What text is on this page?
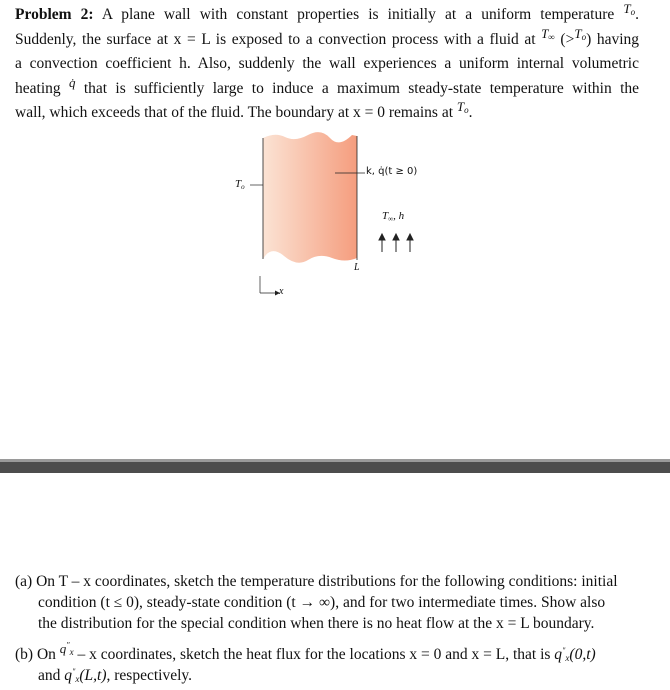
Problem 2: A plane wall with constant properties is initially at a uniform temperature $^{T_o}$.
Suddenly, the surface at x = L is exposed to a convection process with a fluid at $^{T_\infty}$ (>$^{T_o}$) having
a convection coefficient h. Also, suddenly the wall experiences a uniform internal volumetric
heating $^{q̇}$ that is sufficiently large to induce a maximum steady-state temperature within the
wall, which exceeds that of the fluid. The boundary at x = 0 remains at $^{T_o}$.
To
k, q̇(t ≥ 0)
T∞, h
L
x
(a) On T – x coordinates, sketch the temperature distributions for the following conditions: initial
condition (t ≤ 0), steady-state condition (t → ∞), and for two intermediate times. Show also
the distribution for the special condition when there is no heat flow at the x = L boundary.
(b) On $^{q^"_x}$ – x coordinates, sketch the heat flux for the locations x = 0 and x = L, that is $q^"_x(0,t)$
and $q^"_x(L,t)$, respectively.
